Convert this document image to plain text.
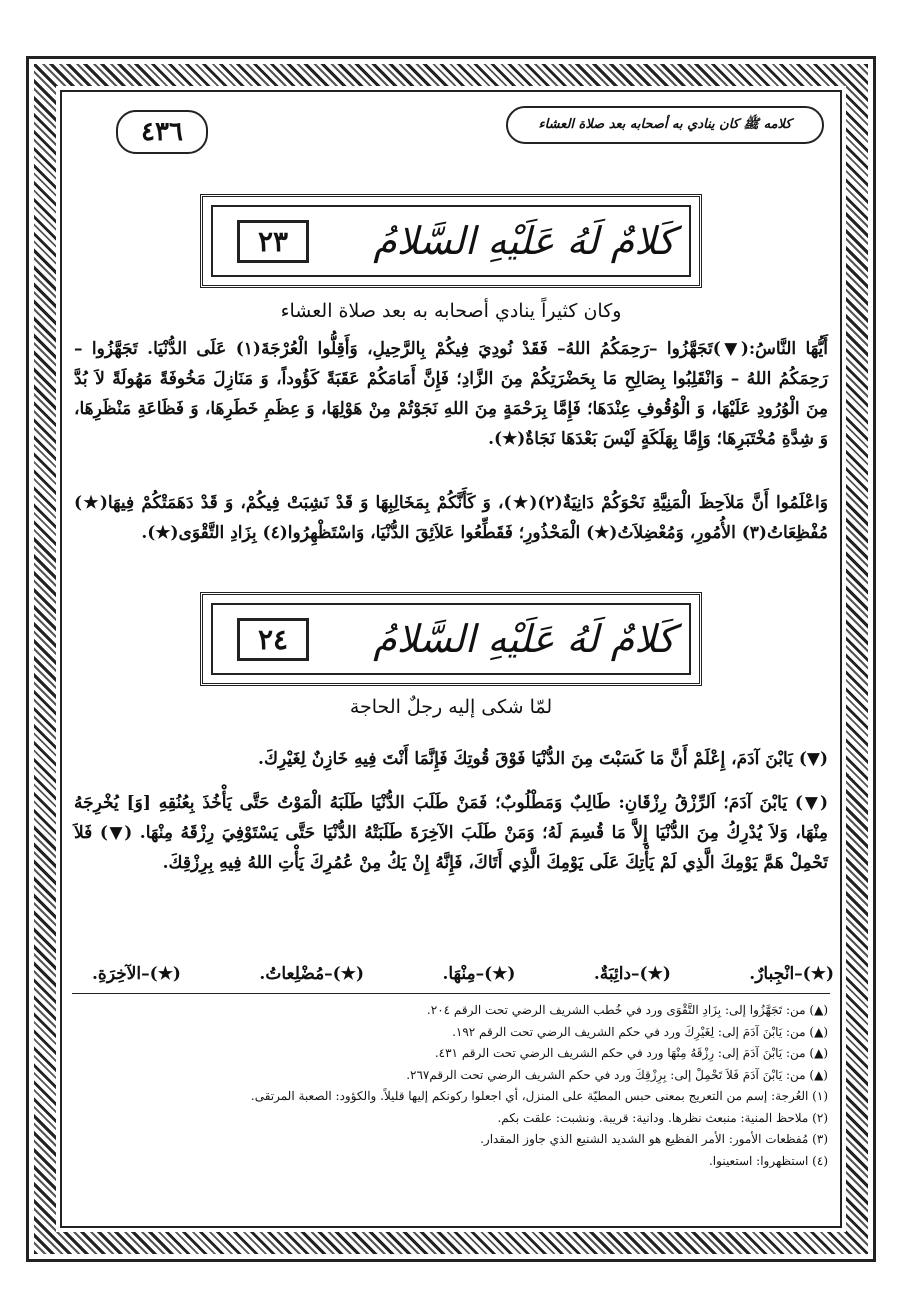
٤٣٦	كلامه ﷺ كان ينادي به أصحابه بعد صلاة العشاء
كَلامٌ لَهُ عَلَيْهِ السَّلامُ
٢٣
وكان كثيراً ينادي أصحابه به بعد صلاة العشاء
أَيُّهَا النَّاسُ:(▼)تَجَهَّزُوا –رَحِمَكُمُ اللهُ– فَقَدْ نُودِيَ فِيكُمْ بِالرَّحِيلِ، وَأَقِلُّوا الْعُرْجَةَ(١) عَلَى الدُّنْيَا. تَجَهَّزُوا – رَحِمَكُمُ اللهُ – وَانْقَلِبُوا بِصَالِحِ مَا بِحَضْرَتِكُمْ مِنَ الزَّادِ؛ فَإِنَّ أَمَامَكُمْ عَقَبَةً كَؤُوداً، وَ مَنَازِلَ مَخُوفَةً مَهُولَةً لاَ بُدَّ مِنَ الْوُرُودِ عَلَيْهَا، وَ الْوُقُوفِ عِنْدَهَا؛ فَإِمَّا بِرَحْمَةٍ مِنَ اللهِ نَجَوْتُمْ مِنْ هَوْلِهَا، وَ عِظَمِ خَطَرِهَا، وَ فَظَاعَةِ مَنْظَرِهَا، وَ شِدَّةِ مُخْتَبَرِهَا؛ وَإِمَّا بِهَلَكَةٍ لَيْسَ بَعْدَهَا نَجَاةٌ(★).
وَاعْلَمُوا أَنَّ مَلاَحِظَ الْمَنِيَّةِ نَحْوَكُمْ دَانِيَةٌ(٢)(★)، وَ كَأَنَّكُمْ بِمَخَالِبِهَا وَ قَدْ نَشِبَتْ فِيكُمْ، وَ قَدْ دَهَمَتْكُمْ فِيهَا(★) مُفْظِعَاتُ(٣) الأُمُورِ، وَمُعْضِلاَتُ(★) الْمَحْذُورِ؛ فَقَطِّعُوا عَلاَئِقَ الدُّنْيَا، وَاسْتَظْهِرُوا(٤) بِزَادِ التَّقْوَى(★).
كَلامٌ لَهُ عَلَيْهِ السَّلامُ
٢٤
لمّا شكى إليه رجلٌ الحاجة
(▼) يَابْنَ آدَمَ، إِعْلَمْ أَنَّ مَا كَسَبْتَ مِنَ الدُّنْيَا فَوْقَ قُوتِكَ فَإِنَّمَا أَنْتَ فِيهِ خَازِنٌ لِغَيْرِكَ.
(▼) يَابْنَ آدَمَ؛ اَلرِّزْقُ رِزْقَانِ: طَالِبٌ وَمَطْلُوبٌ؛ فَمَنْ طَلَبَ الدُّنْيَا طَلَبَهُ الْمَوْتُ حَتَّى يَأْخُذَ بِعُنُقِهِ [وَ] يُخْرِجَهُ مِنْهَا، وَلاَ يُدْرِكُ مِنَ الدُّنْيَا إِلاَّ مَا قُسِمَ لَهُ؛ وَمَنْ طَلَبَ الآخِرَةَ طَلَبَتْهُ الدُّنْيَا حَتَّى يَسْتَوْفِيَ رِزْقَهُ مِنْهَا. (▼) فَلاَ تَحْمِلْ هَمَّ يَوْمِكَ الَّذِي لَمْ يَأْتِكَ عَلَى يَوْمِكَ الَّذِي أَتَاكَ، فَإِنَّهُ إِنْ يَكُ مِنْ عُمُرِكَ يَأْتِ اللهُ فِيهِ بِرِزْقِكَ.
(★)–انْجِبارٌ.
(★)–دائِبَةٌ.
(★)–مِنْهَا.
(★)–مُضْلِعاتُ.
(★)–الآخِرَةِ.
(▲) من: تَجَهَّزُوا إلى: بِزَادِ التَّقْوَى ورد في خُطب الشريف الرضي تحت الرقم ٢٠٤.
(▲) من: يَابْنَ آدَمَ إلى: لِغَيْرِكَ ورد في حكم الشريف الرضي تحت الرقم ١٩٢.
(▲) من: يَابْنَ آدَمَ إلى: رِزْقَهُ مِنْهَا ورد في حكم الشريف الرضي تحت الرقم ٤٣١.
(▲) من: يَابْنَ آدَمَ فَلاَ تَحْمِلْ إلى: بِرِزْقِكَ ورد في حكم الشريف الرضي تحت الرقم٢٦٧.
(١) العُرجة: إسم من التعريج بمعنى حبس المطيّة على المنزل، أي اجعلوا ركونكم إليها قليلاً. والكؤود: الصعبة المرتقى.
(٢) ملاحظ المنية: منبعث نظرها. ودانية: قريبة. ونشبت: علقت بكم.
(٣) مُفظعات الأمور: الأمر الفظيع هو الشديد الشنيع الذي جاوز المقدار.
(٤) استظهروا: استعينوا.
